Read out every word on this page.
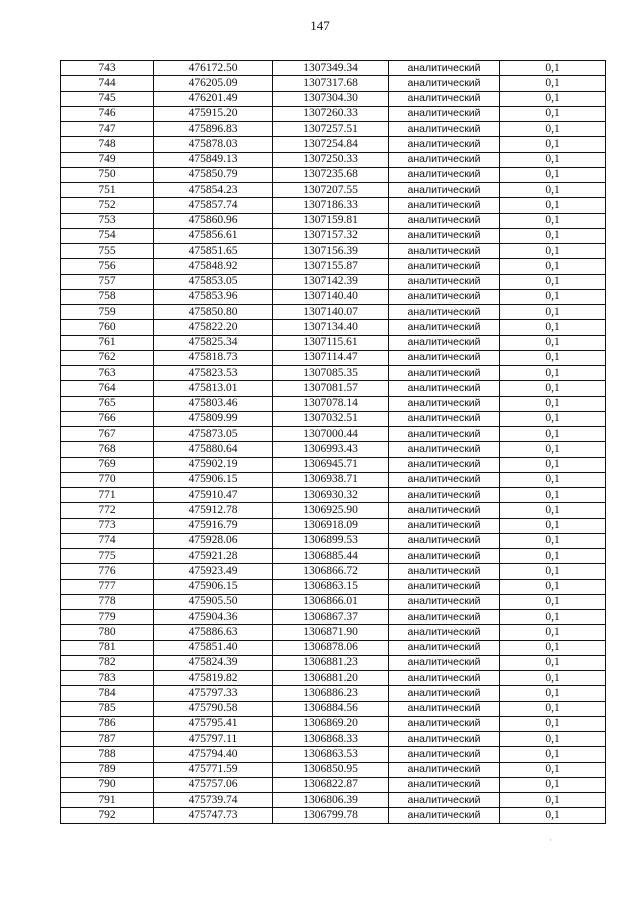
147
743	476172.50	1307349.34	аналитический	0,1
744	476205.09	1307317.68	аналитический	0,1
745	476201.49	1307304.30	аналитический	0,1
746	475915.20	1307260.33	аналитический	0,1
747	475896.83	1307257.51	аналитический	0,1
748	475878.03	1307254.84	аналитический	0,1
749	475849.13	1307250.33	аналитический	0,1
750	475850.79	1307235.68	аналитический	0,1
751	475854.23	1307207.55	аналитический	0,1
752	475857.74	1307186.33	аналитический	0,1
753	475860.96	1307159.81	аналитический	0,1
754	475856.61	1307157.32	аналитический	0,1
755	475851.65	1307156.39	аналитический	0,1
756	475848.92	1307155.87	аналитический	0,1
757	475853.05	1307142.39	аналитический	0,1
758	475853.96	1307140.40	аналитический	0,1
759	475850.80	1307140.07	аналитический	0,1
760	475822.20	1307134.40	аналитический	0,1
761	475825.34	1307115.61	аналитический	0,1
762	475818.73	1307114.47	аналитический	0,1
763	475823.53	1307085.35	аналитический	0,1
764	475813.01	1307081.57	аналитический	0,1
765	475803.46	1307078.14	аналитический	0,1
766	475809.99	1307032.51	аналитический	0,1
767	475873.05	1307000.44	аналитический	0,1
768	475880.64	1306993.43	аналитический	0,1
769	475902.19	1306945.71	аналитический	0,1
770	475906.15	1306938.71	аналитический	0,1
771	475910.47	1306930.32	аналитический	0,1
772	475912.78	1306925.90	аналитический	0,1
773	475916.79	1306918.09	аналитический	0,1
774	475928.06	1306899.53	аналитический	0,1
775	475921.28	1306885.44	аналитический	0,1
776	475923.49	1306866.72	аналитический	0,1
777	475906.15	1306863.15	аналитический	0,1
778	475905.50	1306866.01	аналитический	0,1
779	475904.36	1306867.37	аналитический	0,1
780	475886.63	1306871.90	аналитический	0,1
781	475851.40	1306878.06	аналитический	0,1
782	475824.39	1306881.23	аналитический	0,1
783	475819.82	1306881.20	аналитический	0,1
784	475797.33	1306886.23	аналитический	0,1
785	475790.58	1306884.56	аналитический	0,1
786	475795.41	1306869.20	аналитический	0,1
787	475797.11	1306868.33	аналитический	0,1
788	475794.40	1306863.53	аналитический	0,1
789	475771.59	1306850.95	аналитический	0,1
790	475757.06	1306822.87	аналитический	0,1
791	475739.74	1306806.39	аналитический	0,1
792	475747.73	1306799.78	аналитический	0,1
·
